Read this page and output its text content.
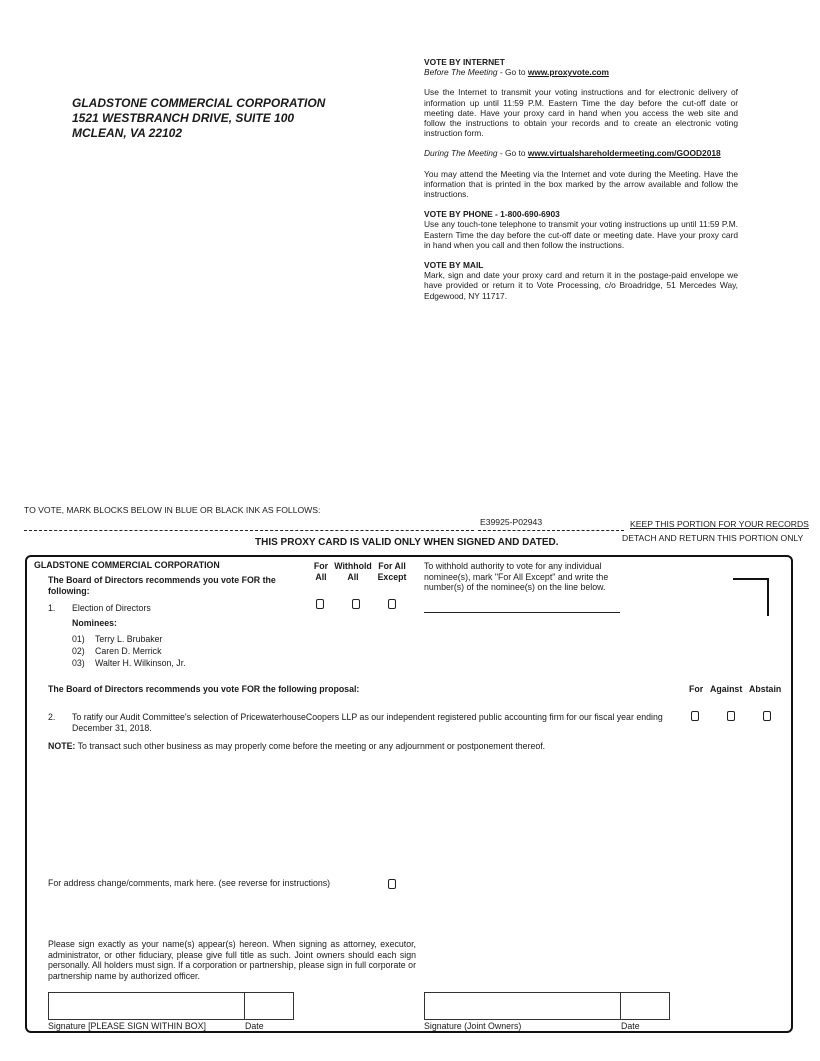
GLADSTONE COMMERCIAL CORPORATION
1521 WESTBRANCH DRIVE, SUITE 100
MCLEAN, VA 22102

VOTE BY INTERNET

Before The Meeting - Go to www.proxyvote.com

Use the Internet to transmit your voting instructions and for electronic delivery of information up until 11:59 P.M. Eastern Time the day before the cut-off date or meeting date. Have your proxy card in hand when you access the web site and follow the instructions to obtain your records and to create an electronic voting instruction form.

During The Meeting - Go to www.virtualshareholdermeeting.com/GOOD2018

You may attend the Meeting via the Internet and vote during the Meeting. Have the information that is printed in the box marked by the arrow available and follow the instructions.

VOTE BY PHONE - 1-800-690-6903

Use any touch-tone telephone to transmit your voting instructions up until 11:59 P.M. Eastern Time the day before the cut-off date or meeting date. Have your proxy card in hand when you call and then follow the instructions.

VOTE BY MAIL

Mark, sign and date your proxy card and return it in the postage-paid envelope we have provided or return it to Vote Processing, c/o Broadridge, 51 Mercedes Way, Edgewood, NY 11717.

TO VOTE, MARK BLOCKS BELOW IN BLUE OR BLACK INK AS FOLLOWS:
E39925-P02943	KEEP THIS PORTION FOR YOUR RECORDS
THIS PROXY CARD IS VALID ONLY WHEN SIGNED AND DATED.	DETACH AND RETURN THIS PORTION ONLY
GLADSTONE COMMERCIAL CORPORATION
The Board of Directors recommends you vote FOR the following:
For All
Withhold All
For All Except
To withhold authority to vote for any individual nominee(s), mark "For All Except" and write the number(s) of the nominee(s) on the line below.
1. Election of Directors
Nominees:
01) Terry L. Brubaker
02) Caren D. Merrick
03) Walter H. Wilkinson, Jr.
The Board of Directors recommends you vote FOR the following proposal:	For Against Abstain
2. To ratify our Audit Committee's selection of PricewaterhouseCoopers LLP as our independent registered public accounting firm for our fiscal year ending December 31, 2018.
NOTE: To transact such other business as may properly come before the meeting or any adjournment or postponement thereof.
For address change/comments, mark here. (see reverse for instructions)
Please sign exactly as your name(s) appear(s) hereon. When signing as attorney, executor, administrator, or other fiduciary, please give full title as such. Joint owners should each sign personally. All holders must sign. If a corporation or partnership, please sign in full corporate or partnership name by authorized officer.
Signature [PLEASE SIGN WITHIN BOX]	Date	Signature (Joint Owners)	Date
